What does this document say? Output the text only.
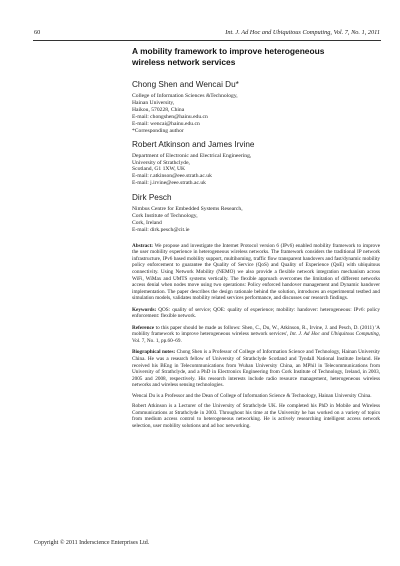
60	Int. J. Ad Hoc and Ubiquitous Computing, Vol. 7, No. 1, 2011
A mobility framework to improve heterogeneous
wireless network services
Chong Shen and Wencai Du*
College of Information Sciences &Technology,
Hainan University,
Haikou, 570228, China
E-mail: chongshen@hainu.edu.cn
E-mail: wencai@hainu.edu.cn
*Corresponding author
Robert Atkinson and James Irvine
Department of Electronic and Electrical Engineering,
University of Strathclyde,
Scotland, G1 1XW, UK
E-mail: r.atkinson@eee.strath.ac.uk
E-mail: j.irvine@eee.strath.ac.uk
Dirk Pesch
Nimbus Centre for Embedded Systems Research,
Cork Institute of Technology,
Cork, Ireland
E-mail: dirk.pesch@cit.ie

Abstract: We propose and investigate the Internet Protocol version 6 (IPv6) enabled mobility framework to improve the user mobility experience in heterogeneous wireless networks. The framework considers the traditional IP network infrastructure, IPv6 based mobility support, multihoming, traffic flow transparent handovers and fast/dynamic mobility policy enforcement to guarantee the Quality of Service (QoS) and Quality of Experience (QoE) with ubiquitous connectivity. Using Network Mobility (NEMO) we also provide a flexible network integration mechanism across WiFi, WiMax and UMTS systems vertically. The flexible approach overcomes the limitation of different networks access denial when nodes move using two operations: Policy enforced handover management and Dynamic handover implementation. The paper describes the design rationale behind the solution, introduces an experimental testbed and simulation models, validates mobility related services performance, and discusses our research findings.

Keywords: QOS: quality of service; QOE: quality of experience; mobility: handover: heterogeneous: IPv6: policy enforcement: flexible network.

Reference to this paper should be made as follows: Shen, C., Du, W., Atkinson, R., Irvine, J. and Pesch, D. (2011) 'A mobility framework to improve heterogeneous wireless network services', Int. J. Ad Hoc and Ubiquitous Computing, Vol. 7, No. 1, pp.60–69.

Biographical notes: Chong Shen is a Professor of College of Information Science and Technology, Hainan University China. He was a research fellow of University of Strathclyde Scotland and Tyndall National Institute Ireland. He received his BEng in Telecommunications from Wuhan University China, an MPhil in Telecommunications from University of Strathclyde, and a PhD in Electronics Engineering from Cork Institute of Technology, Ireland, in 2003, 2005 and 2008, respectively. His research interests include radio resource management, heterogeneous wireless networks and wireless sensing technologies.

Wencai Du is a Professor and the Dean of College of Information Science & Technology, Hainan University China.

Robert Atkinson is a Lecturer of the University of Strathclyde UK. He completed his PhD in Mobile and Wireless Communications at Strathclyde in 2003. Throughout his time at the University he has worked on a variety of topics from medium access control to heterogeneous networking. He is actively researching intelligent access network selection, user mobility solutions and ad hoc networking.

Copyright © 2011 Inderscience Enterprises Ltd.
